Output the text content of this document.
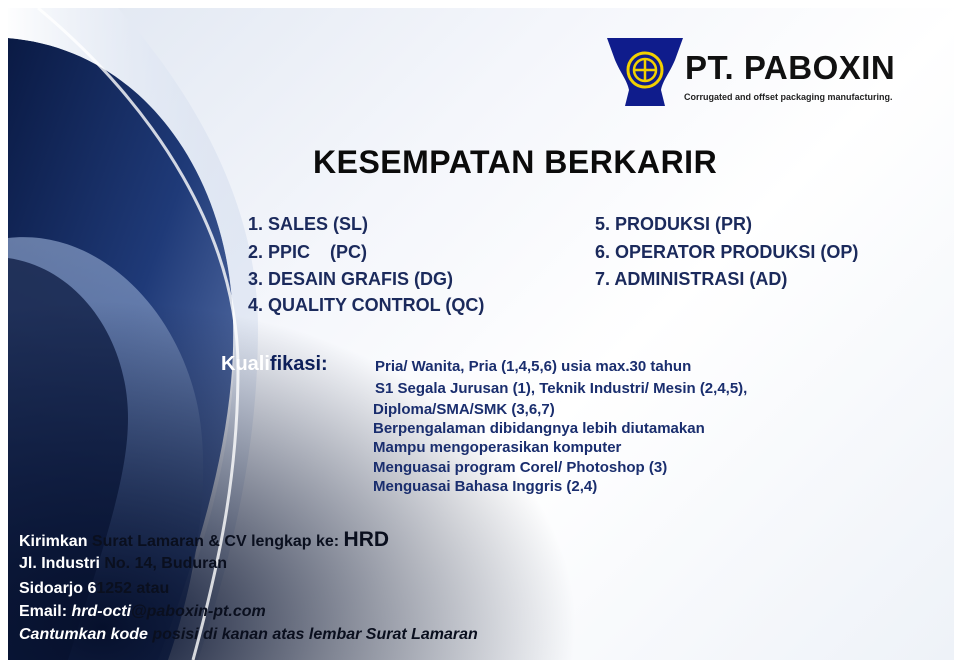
PT. PABOXIN
Corrugated and offset packaging manufacturing.
KESEMPATAN BERKARIR
1. SALES (SL)
2. PPIC    (PC)
3. DESAIN GRAFIS (DG)
4. QUALITY CONTROL (QC)
5. PRODUKSI (PR)
6. OPERATOR PRODUKSI (OP)
7. ADMINISTRASI (AD)
Kualifikasi:	Pria/ Wanita, Pria (1,4,5,6) usia max.30 tahun
S1 Segala Jurusan (1), Teknik Industri/ Mesin (2,4,5),
Diploma/SMA/SMK (3,6,7)
Berpengalaman dibidangnya lebih diutamakan
Mampu mengoperasikan komputer
Menguasai program Corel/ Photoshop (3)
Menguasai Bahasa Inggris (2,4)
Kirimkan Surat Lamaran & CV lengkap ke: HRD
Jl. Industri No. 14, Buduran
Sidoarjo 61252 atau
Email: hrd-octi@paboxin-pt.com
Cantumkan kode posisi di kanan atas lembar Surat Lamaran
